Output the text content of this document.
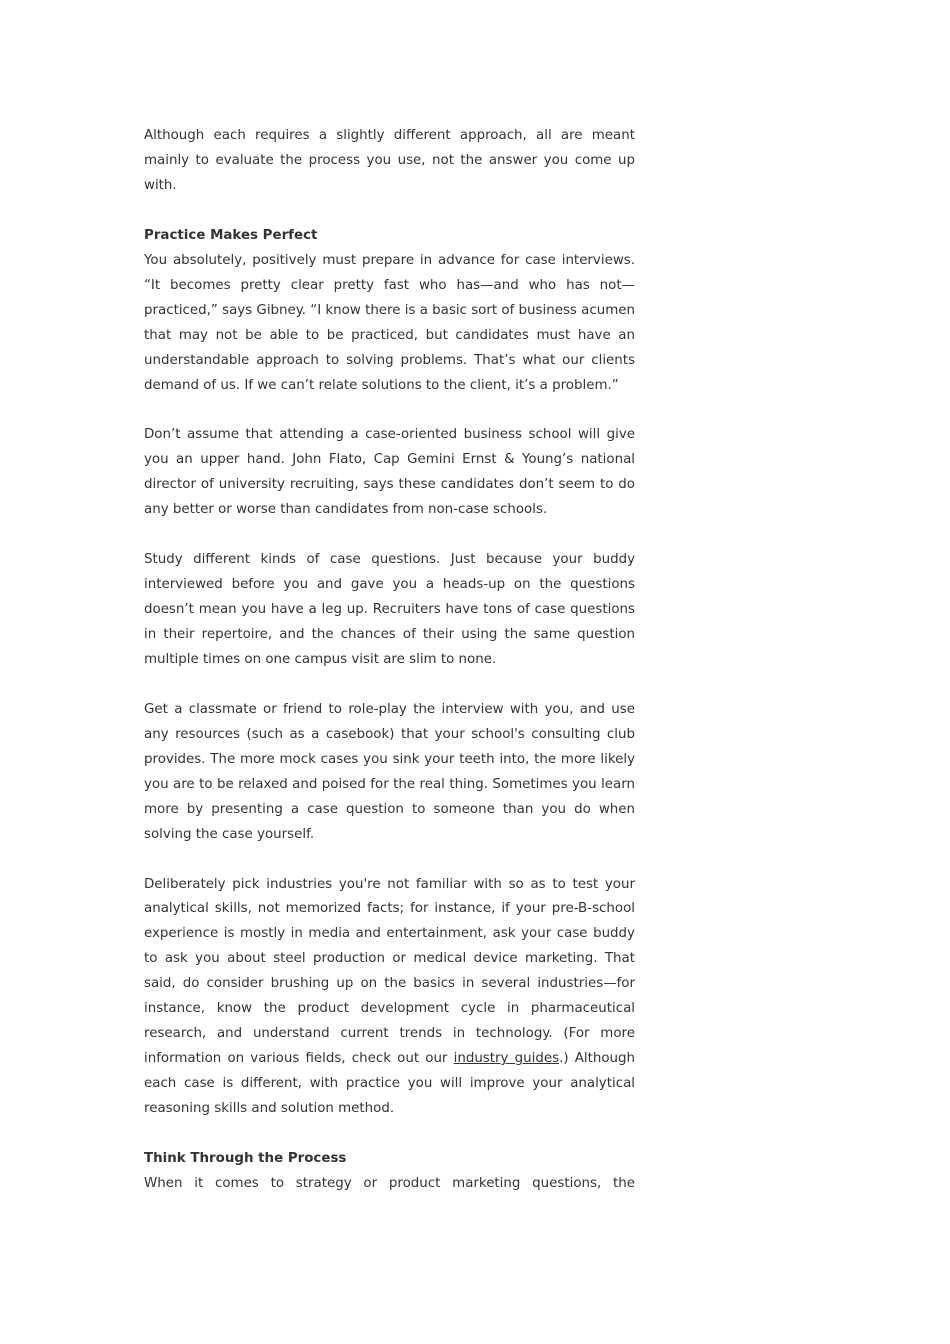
Although each requires a slightly different approach, all are meant mainly to evaluate the process you use, not the answer you come up with.

Practice Makes Perfect

You absolutely, positively must prepare in advance for case interviews. “It becomes pretty clear pretty fast who has—and who has not—practiced,” says Gibney. “I know there is a basic sort of business acumen that may not be able to be practiced, but candidates must have an understandable approach to solving problems. That’s what our clients demand of us. If we can’t relate solutions to the client, it’s a problem.”

Don’t assume that attending a case-oriented business school will give you an upper hand. John Flato, Cap Gemini Ernst & Young’s national director of university recruiting, says these candidates don’t seem to do any better or worse than candidates from non-case schools.

Study different kinds of case questions. Just because your buddy interviewed before you and gave you a heads-up on the questions doesn’t mean you have a leg up. Recruiters have tons of case questions in their repertoire, and the chances of their using the same question multiple times on one campus visit are slim to none.

Get a classmate or friend to role-play the interview with you, and use any resources (such as a casebook) that your school's consulting club provides. The more mock cases you sink your teeth into, the more likely you are to be relaxed and poised for the real thing. Sometimes you learn more by presenting a case question to someone than you do when solving the case yourself.

Deliberately pick industries you're not familiar with so as to test your analytical skills, not memorized facts; for instance, if your pre-B-school experience is mostly in media and entertainment, ask your case buddy to ask you about steel production or medical device marketing. That said, do consider brushing up on the basics in several industries—for instance, know the product development cycle in pharmaceutical research, and understand current trends in technology. (For more information on various fields, check out our industry guides.) Although each case is different, with practice you will improve your analytical reasoning skills and solution method.

Think Through the Process

When it comes to strategy or product marketing questions, the
